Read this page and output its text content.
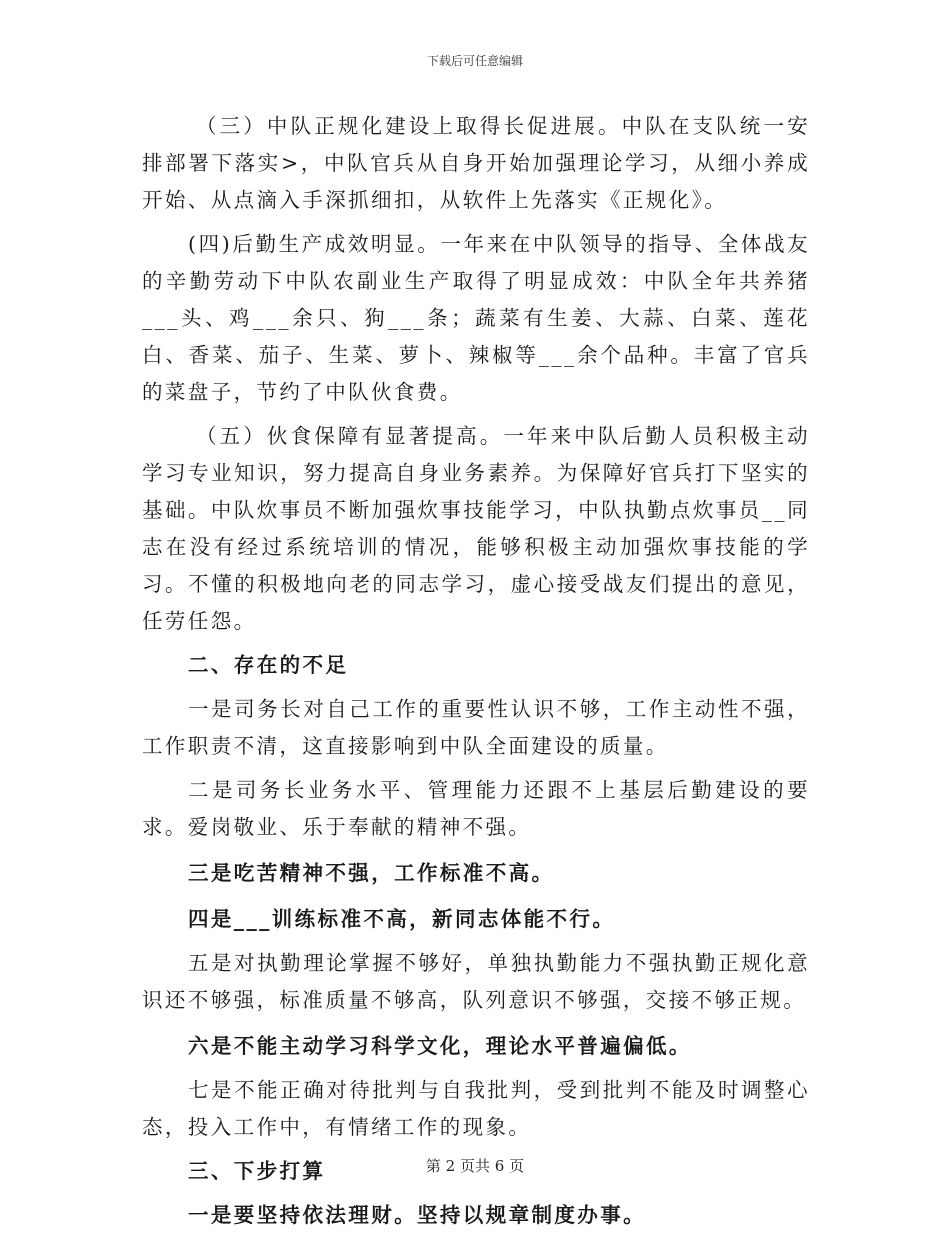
下载后可任意编辑

（三）中队正规化建设上取得长促进展。中队在支队统一安排部署下落实>，中队官兵从自身开始加强理论学习，从细小养成开始、从点滴入手深抓细扣，从软件上先落实《正规化》。

(四)后勤生产成效明显。一年来在中队领导的指导、全体战友的辛勤劳动下中队农副业生产取得了明显成效：中队全年共养猪___头、鸡___余只、狗___条；蔬菜有生姜、大蒜、白菜、莲花白、香菜、茄子、生菜、萝卜、辣椒等___余个品种。丰富了官兵的菜盘子，节约了中队伙食费。

（五）伙食保障有显著提高。一年来中队后勤人员积极主动学习专业知识，努力提高自身业务素养。为保障好官兵打下坚实的基础。中队炊事员不断加强炊事技能学习，中队执勤点炊事员__同志在没有经过系统培训的情况，能够积极主动加强炊事技能的学习。不懂的积极地向老的同志学习，虚心接受战友们提出的意见，任劳任怨。

二、存在的不足

一是司务长对自己工作的重要性认识不够，工作主动性不强，工作职责不清，这直接影响到中队全面建设的质量。

二是司务长业务水平、管理能力还跟不上基层后勤建设的要求。爱岗敬业、乐于奉献的精神不强。

三是吃苦精神不强，工作标准不高。

四是___训练标准不高，新同志体能不行。

五是对执勤理论掌握不够好，单独执勤能力不强执勤正规化意识还不够强，标准质量不够高，队列意识不够强，交接不够正规。

六是不能主动学习科学文化，理论水平普遍偏低。

七是不能正确对待批判与自我批判，受到批判不能及时调整心态，投入工作中，有情绪工作的现象。

三、下步打算

一是要坚持依法理财。坚持以规章制度办事。

第 2 页共 6 页
